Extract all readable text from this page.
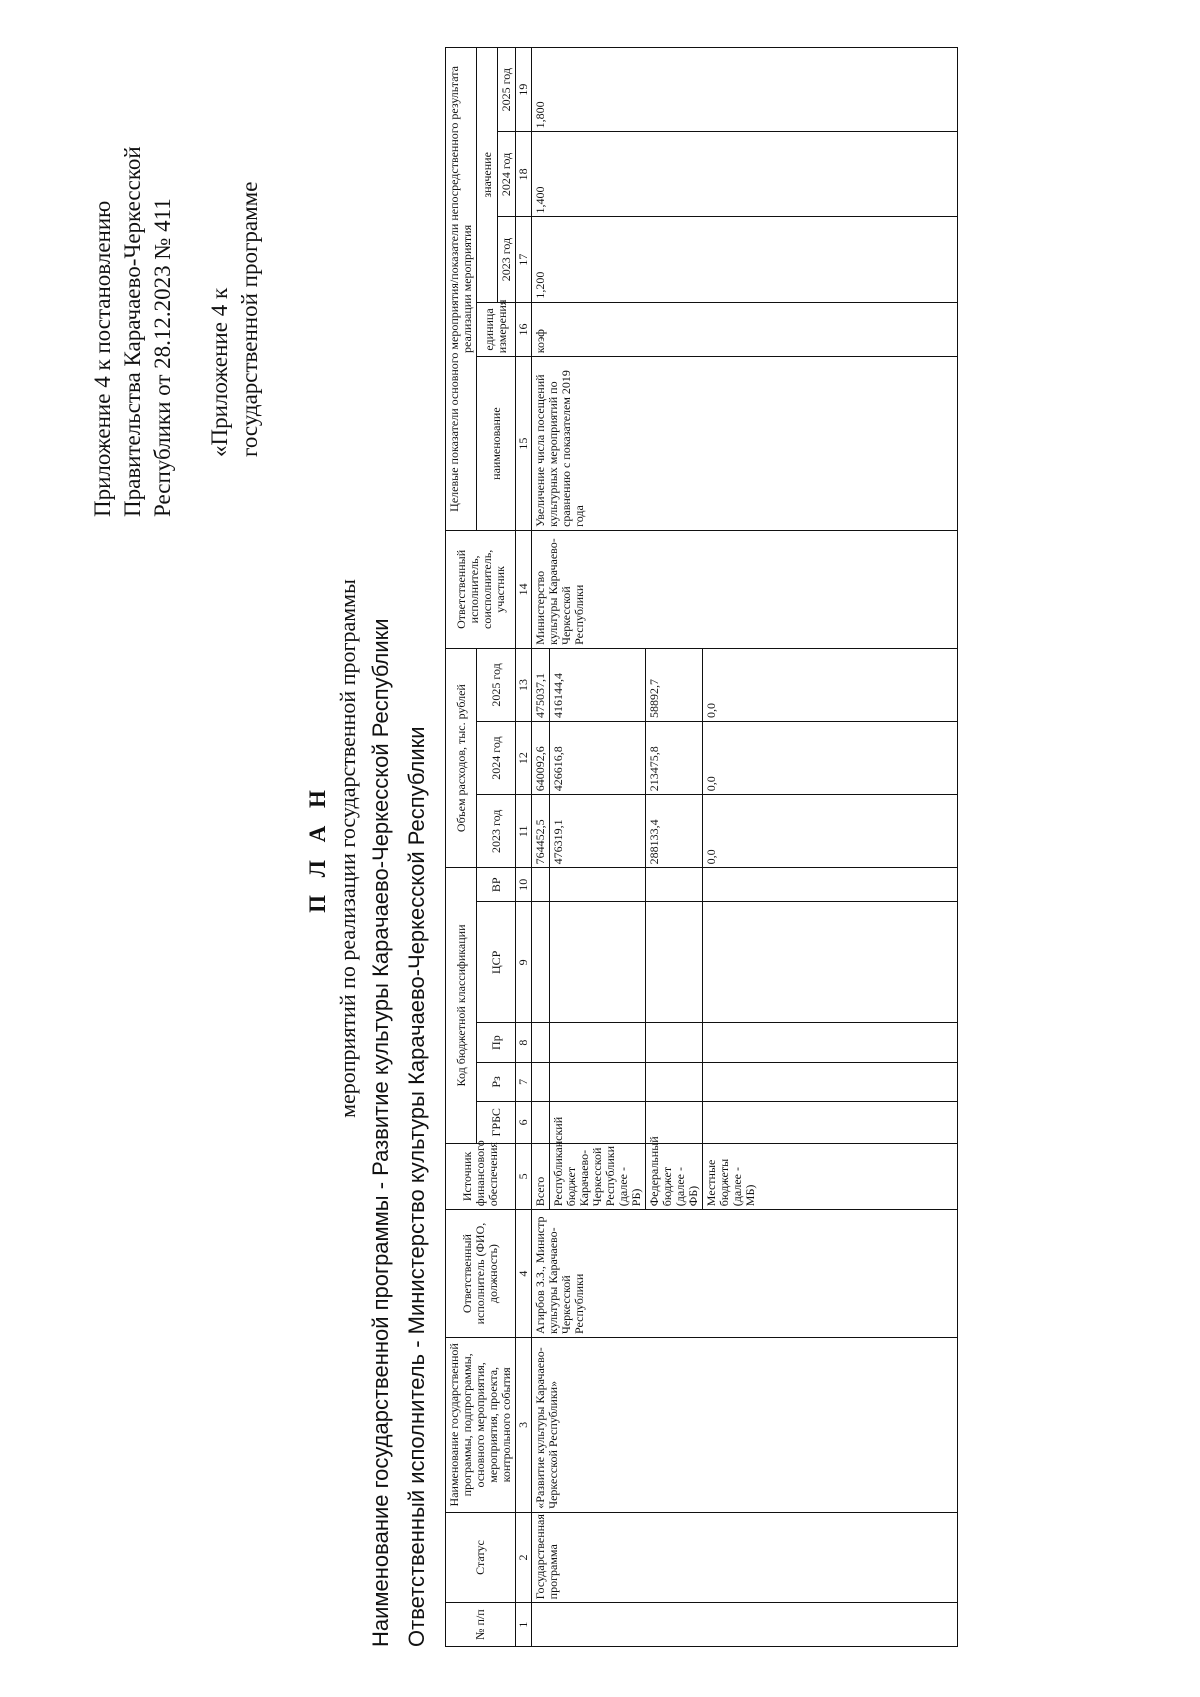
Приложение 4 к постановлению
Правительства Карачаево-Черкесской
Республики от 28.12.2023 № 411
«Приложение 4 к
государственной программе
П Л А Н мероприятий по реализации государственной программы Наименование государственной программы - Развитие культуры Карачаево-Черкесской Республики Ответственный исполнитель - Министерство культуры Карачаево-Черкесской Республики	№ п/п	Статус	Наименование государственной программы, подпрограммы, основного мероприятия, мероприятия, проекта, контрольного события	Ответственный исполнитель (ФИО, должность)	Источник финансового обеспечения	Код бюджетной классификации					Объем расходов, тыс. рублей			Ответственный исполнитель, соисполнитель, участник	Целевые показатели основного мероприятия/показатели непосредственного результата реализации мероприятия				
					ГРБС	Рз	Пр	ЦСР	ВР	2023 год	2024 год	2025 год		наименование	единица измерения	значение		
																2023 год	2024 год	2025 год
1	2	3	4	5	6	7	8	9	10	11	12	13	14	15	16	17	18	19
	Государственная программа	«Развитие культуры Карачаево-Черкесской Республики»	Агирбов З.З., Министр культуры Карачаево-Черкесской Республики	Всего						764452,5	640092,6	475037,1	Министерство культуры Карачаево-Черкесской Республики	Увеличение числа посещений культурных мероприятий по сравнению с показателем 2019 года	коэф	1,200	1,400	1,800
				Республиканский бюджет Карачаево-Черкесской Республики (далее - РБ)						476319,1	426616,8	416144,4						
				Федеральный бюджет (далее - ФБ)						288133,4	213475,8	58892,7						
				Местные бюджеты (далее - МБ)						0,0	0,0	0,0						
